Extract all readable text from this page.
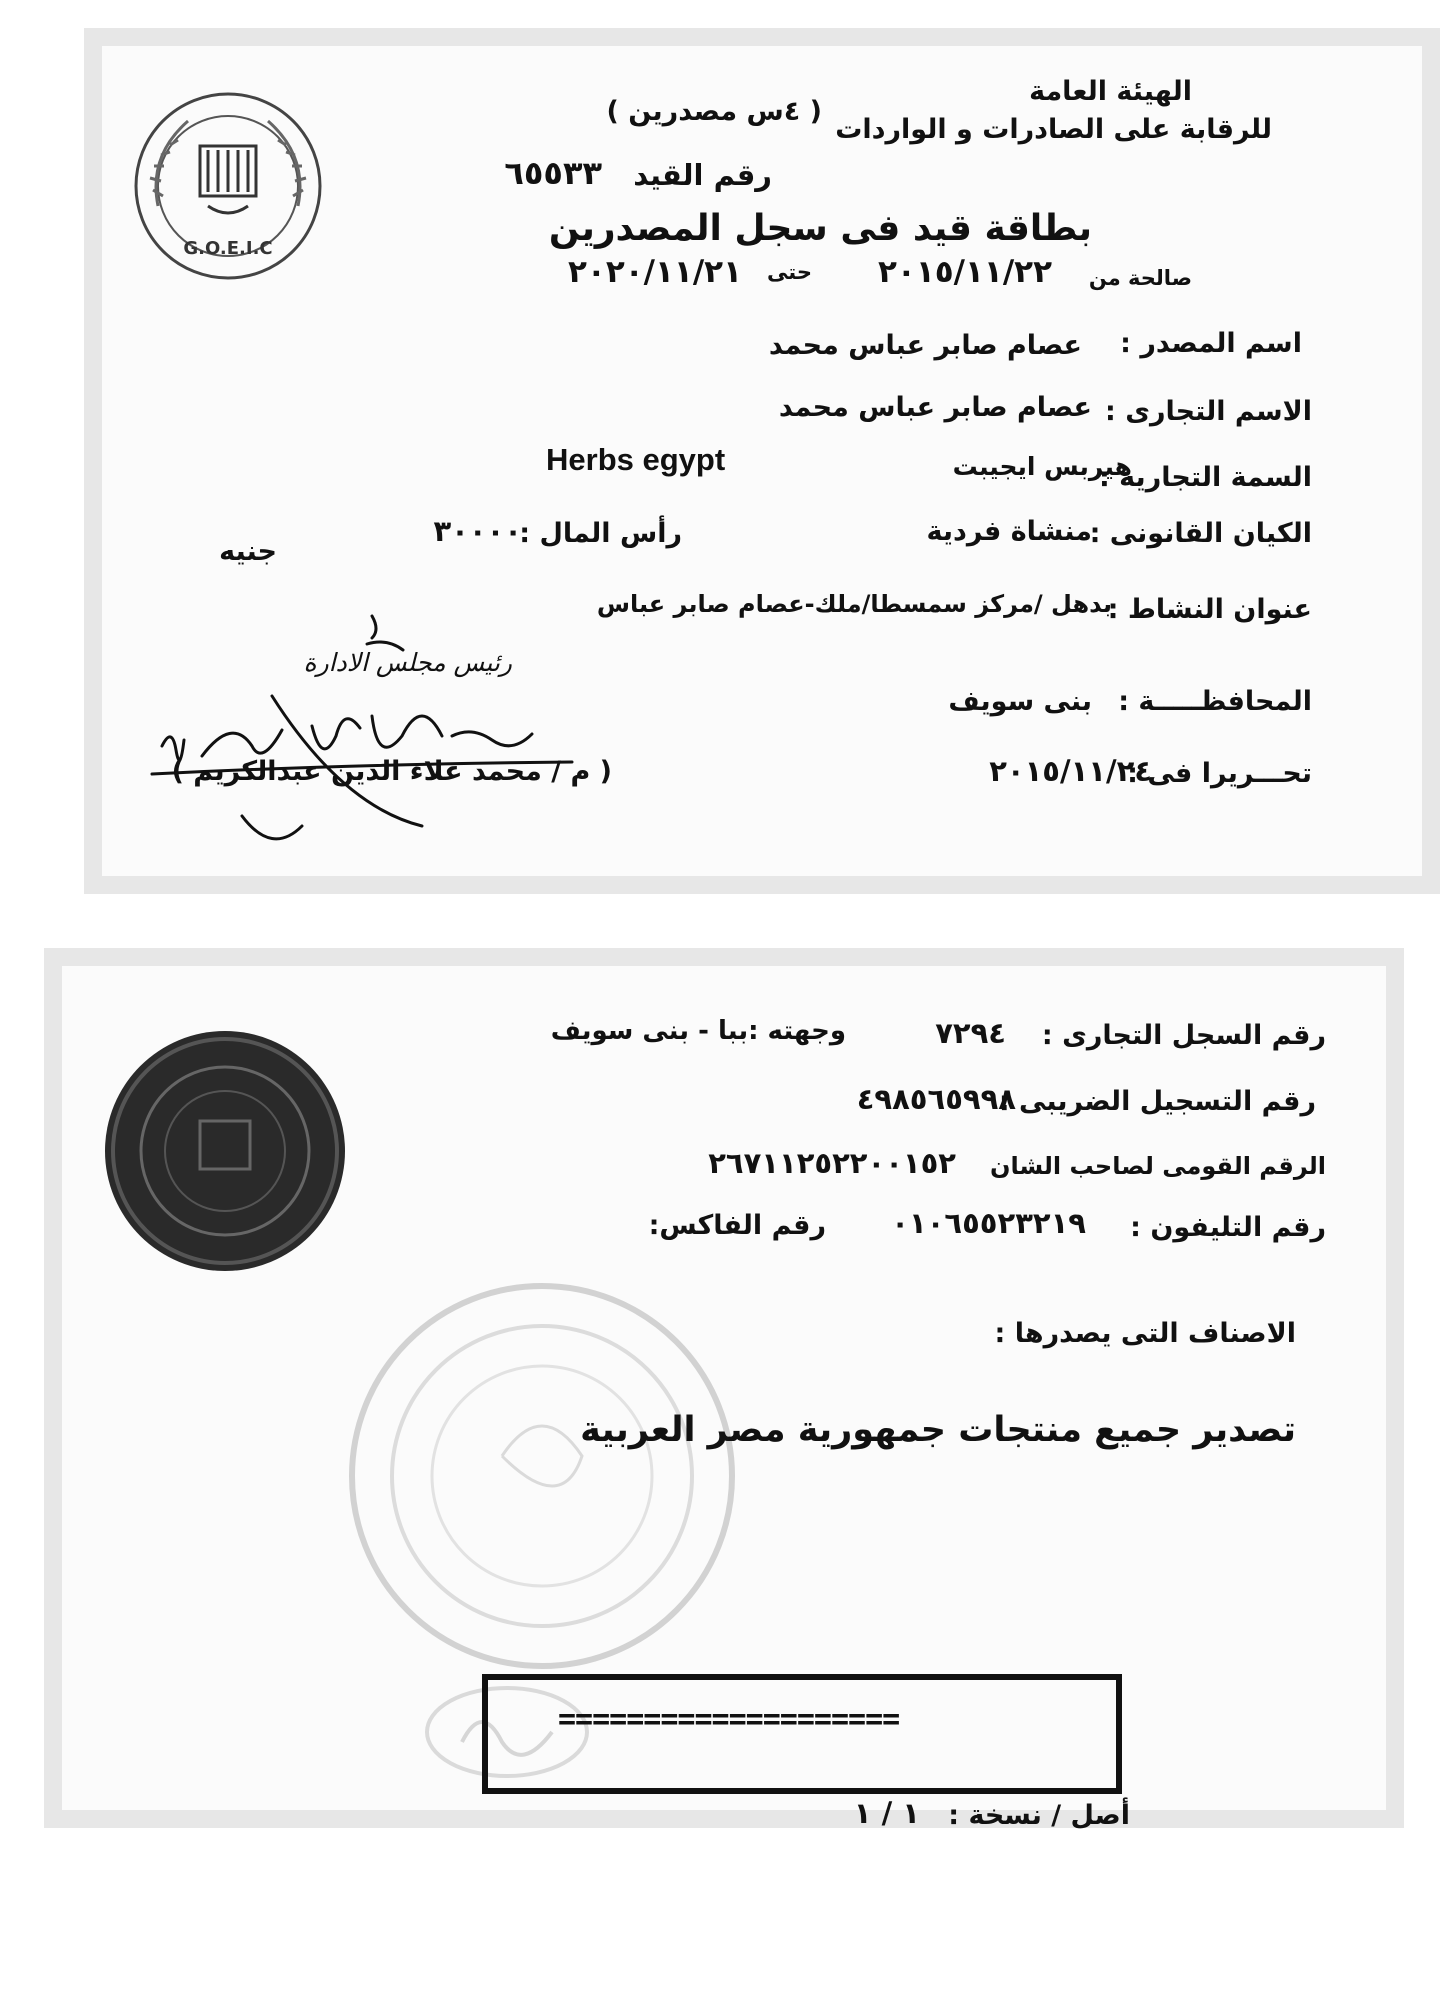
G.O.E.I.C
الهيئة العامة
للرقابة على الصادرات و الواردات
( ٤س مصدرين )
رقم القيد
٦٥٥٣٣
بطاقة قيد فى سجل المصدرين
صالحة من
٢٠١٥/١١/٢٢
حتى
٢٠٢٠/١١/٢١
اسم المصدر :
عصام صابر عباس محمد
الاسم التجارى :
عصام صابر عباس محمد
السمة التجارية :
هيربس ايجيبت
Herbs egypt
الكيان القانونى :
منشاة فردية
رأس المال :
٣٠٠٠٠
جنيه
عنوان النشاط :
بدهل /مركز سمسطا/ملك-عصام صابر عباس
المحافظـــــة :
بنى سويف
تحـــريرا فى :
٢٠١٥/١١/٢٤
رئيس مجلس الادارة
( م / محمد علاء الدين عبدالكريم )
رقم السجل التجارى :
٧٢٩٤
وجهته :ببا - بنى سويف
رقم التسجيل الضريبى :
٤٩٨٥٦٥٩٩٨
الرقم القومى لصاحب الشان
٢٦٧١١٢٥٢٢٠٠١٥٢
رقم التليفون :
٠١٠٦٥٥٢٣٢١٩
رقم الفاكس:
الاصناف التى يصدرها :
تصدير جميع منتجات جمهورية مصر العربية
====================
أصل / نسخة :
١ / ١
